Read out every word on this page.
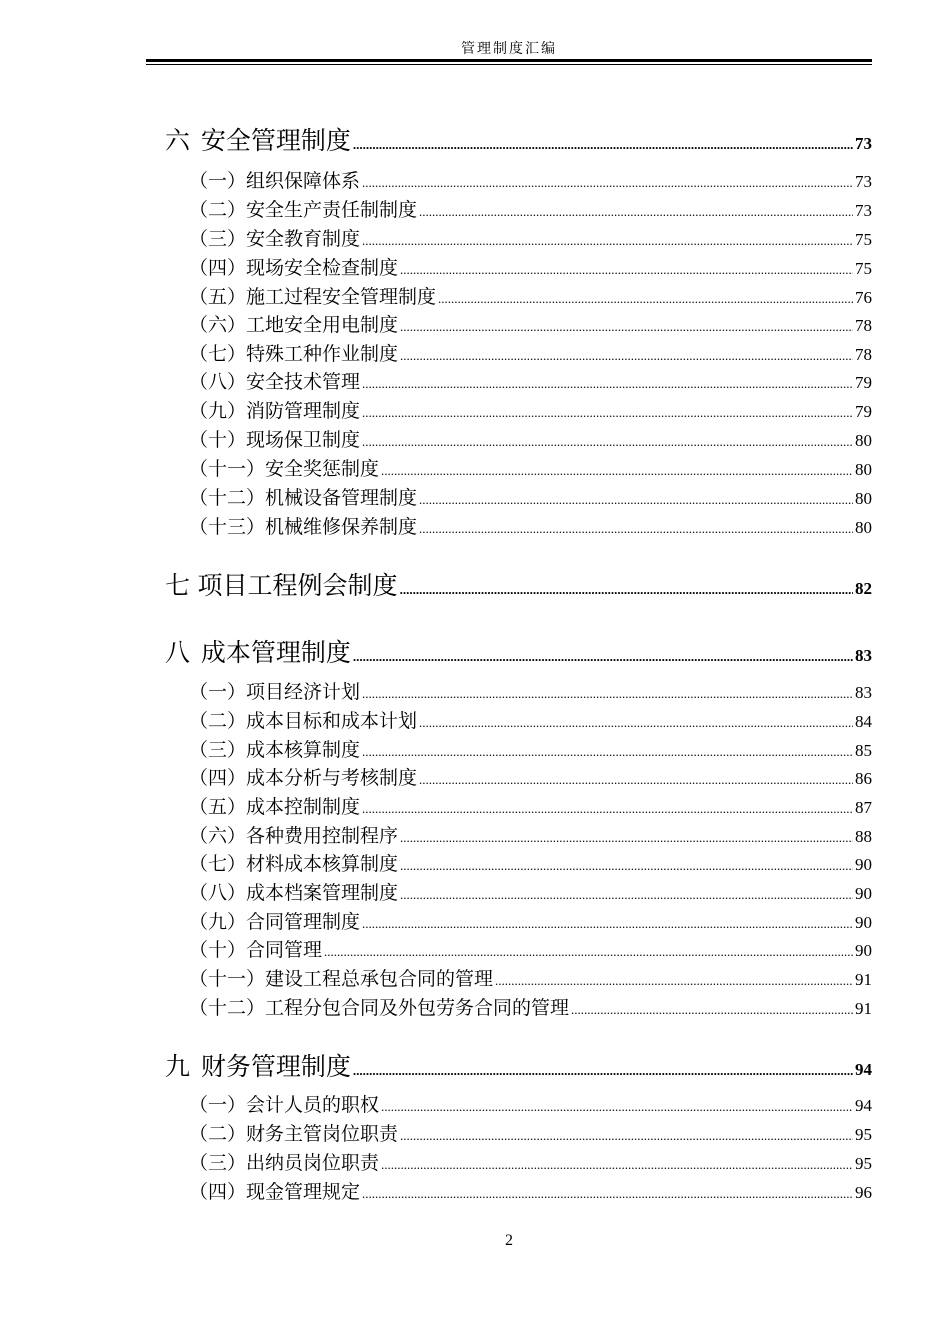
管理制度汇编
六 安全管理制度 .....	73
（一）组织保障体系 .....	73
（二）安全生产责任制制度 .....	73
（三）安全教育制度 .....	75
（四）现场安全检查制度 .....	75
（五）施工过程安全管理制度 .....	76
（六）工地安全用电制度 .....	78
（七）特殊工种作业制度 .....	78
（八）安全技术管理 .....	79
（九）消防管理制度 .....	79
（十）现场保卫制度 .....	80
（十一）安全奖惩制度 .....	80
（十二）机械设备管理制度 .....	80
（十三）机械维修保养制度 .....	80
七 项目工程例会制度 .....	82
八 成本管理制度 .....	83
（一）项目经济计划 .....	83
（二）成本目标和成本计划 .....	84
（三）成本核算制度 .....	85
（四）成本分析与考核制度 .....	86
（五）成本控制制度 .....	87
（六）各种费用控制程序 .....	88
（七）材料成本核算制度 .....	90
（八）成本档案管理制度 .....	90
（九）合同管理制度 .....	90
（十）合同管理 .....	90
（十一）建设工程总承包合同的管理 .....	91
（十二）工程分包合同及外包劳务合同的管理 .....	91
九 财务管理制度 .....	94
（一）会计人员的职权 .....	94
（二）财务主管岗位职责 .....	95
（三）出纳员岗位职责 .....	95
（四）现金管理规定 .....	96
2
